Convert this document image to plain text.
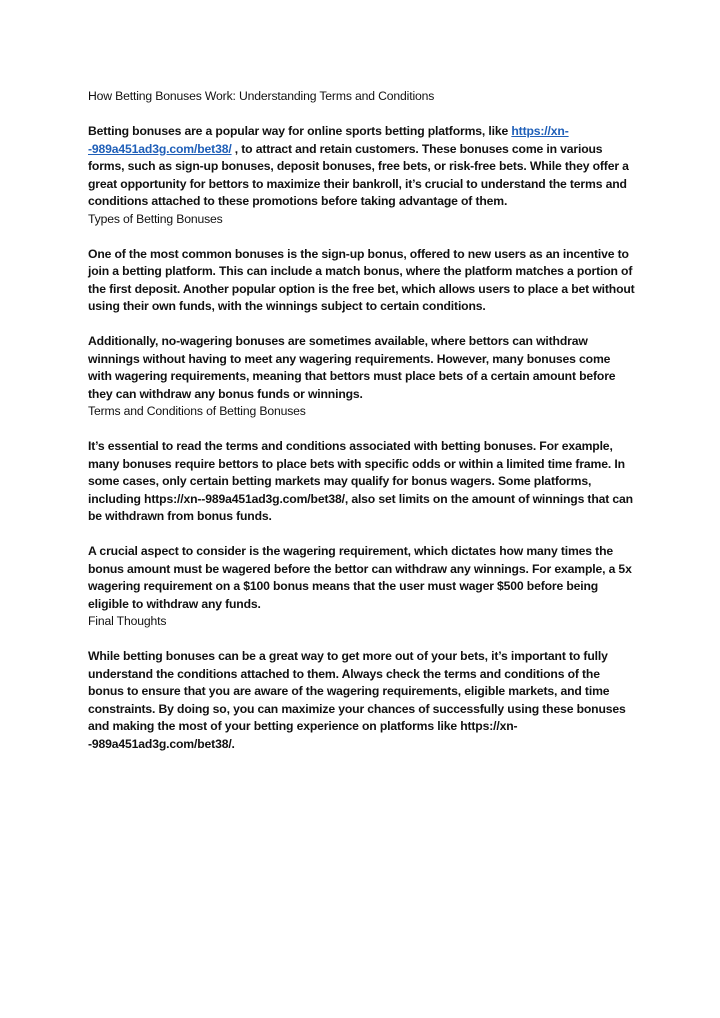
How Betting Bonuses Work: Understanding Terms and Conditions

Betting bonuses are a popular way for online sports betting platforms, like https://xn--989a451ad3g.com/bet38/ , to attract and retain customers. These bonuses come in various forms, such as sign-up bonuses, deposit bonuses, free bets, or risk-free bets. While they offer a great opportunity for bettors to maximize their bankroll, it’s crucial to understand the terms and conditions attached to these promotions before taking advantage of them.

Types of Betting Bonuses

One of the most common bonuses is the sign-up bonus, offered to new users as an incentive to join a betting platform. This can include a match bonus, where the platform matches a portion of the first deposit. Another popular option is the free bet, which allows users to place a bet without using their own funds, with the winnings subject to certain conditions.

Additionally, no-wagering bonuses are sometimes available, where bettors can withdraw winnings without having to meet any wagering requirements. However, many bonuses come with wagering requirements, meaning that bettors must place bets of a certain amount before they can withdraw any bonus funds or winnings.

Terms and Conditions of Betting Bonuses

It’s essential to read the terms and conditions associated with betting bonuses. For example, many bonuses require bettors to place bets with specific odds or within a limited time frame. In some cases, only certain betting markets may qualify for bonus wagers. Some platforms, including https://xn--989a451ad3g.com/bet38/, also set limits on the amount of winnings that can be withdrawn from bonus funds.

A crucial aspect to consider is the wagering requirement, which dictates how many times the bonus amount must be wagered before the bettor can withdraw any winnings. For example, a 5x wagering requirement on a $100 bonus means that the user must wager $500 before being eligible to withdraw any funds.

Final Thoughts

While betting bonuses can be a great way to get more out of your bets, it’s important to fully understand the conditions attached to them. Always check the terms and conditions of the bonus to ensure that you are aware of the wagering requirements, eligible markets, and time constraints. By doing so, you can maximize your chances of successfully using these bonuses and making the most of your betting experience on platforms like https://xn--989a451ad3g.com/bet38/.
